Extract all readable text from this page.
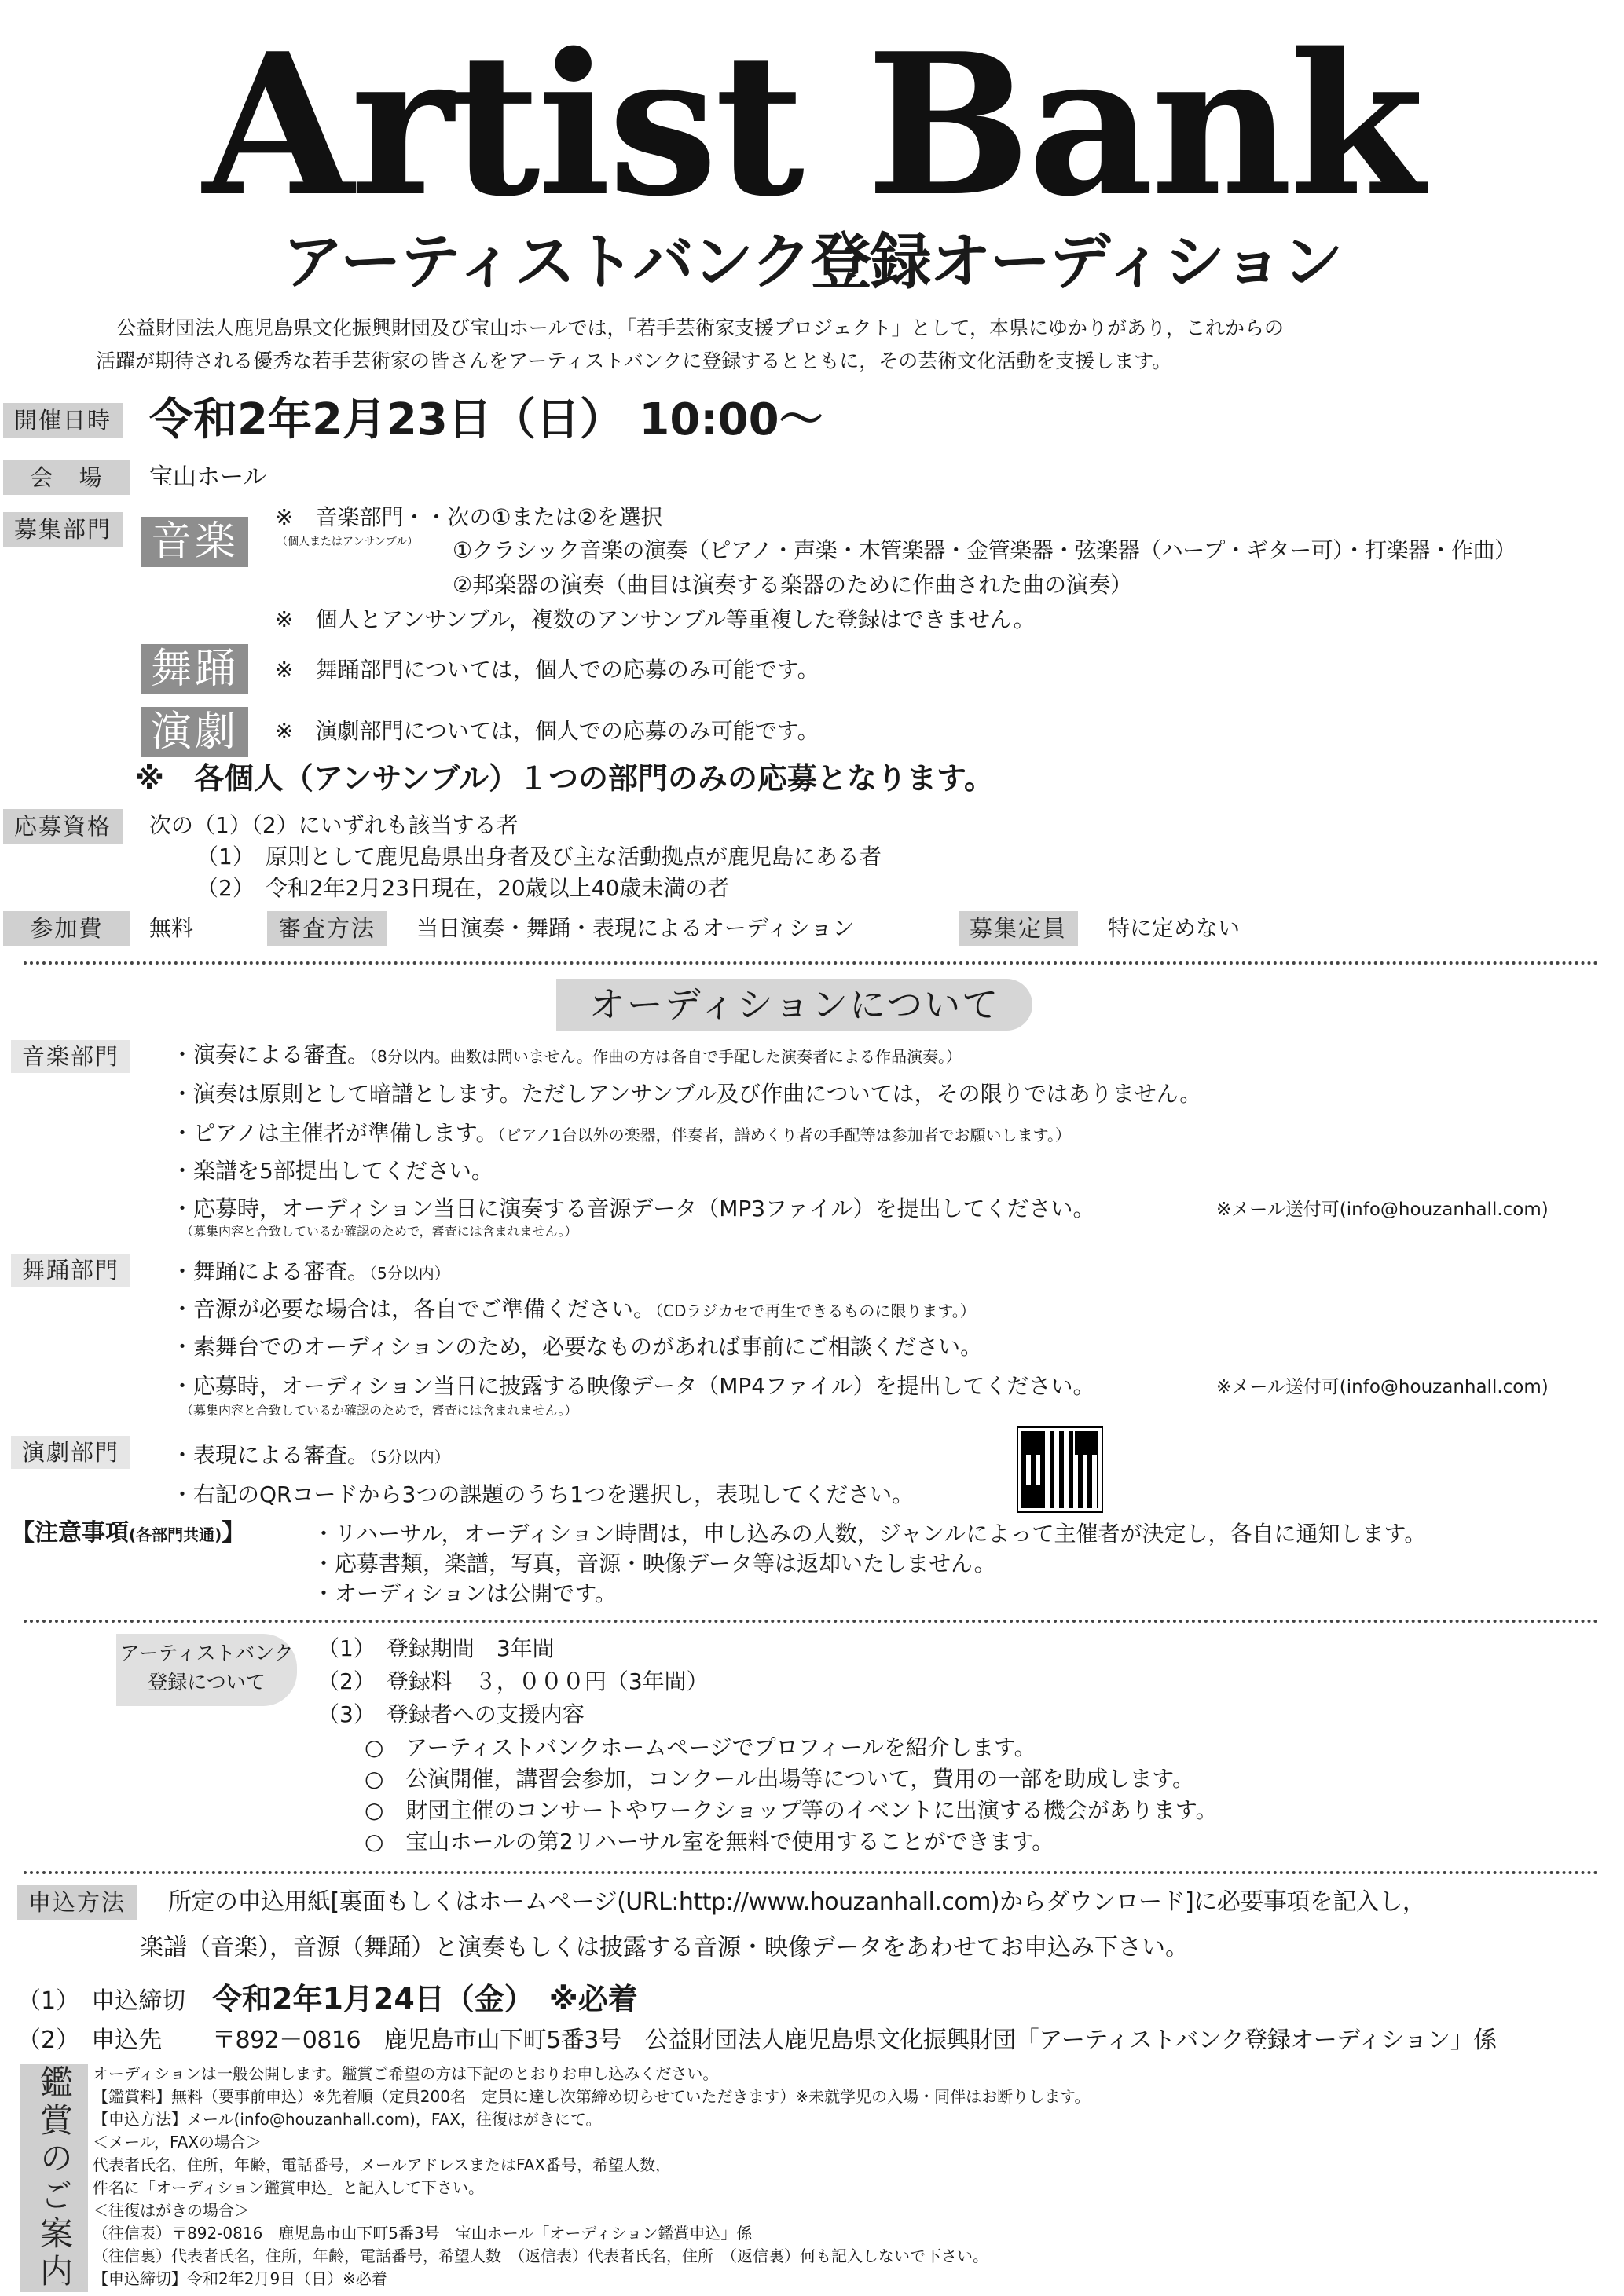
Artist Bank
アーティストバンク登録オーディション
公益財団法人鹿児島県文化振興財団及び宝山ホールでは，「若手芸術家支援プロジェクト」として，本県にゆかりがあり，これからの
活躍が期待される優秀な若手芸術家の皆さんをアーティストバンクに登録するとともに，その芸術文化活動を支援します。
開催日時 令和2年2月23日（日） 10:00～
会　場	宝山ホール
募集部門 音楽
※　音楽部門・・次の①または②を選択
（個人またはアンサンブル） ①クラシック音楽の演奏（ピアノ・声楽・木管楽器・金管楽器・弦楽器（ハープ・ギター可）・打楽器・作曲）
②邦楽器の演奏（曲目は演奏する楽器のために作曲された曲の演奏）
※　個人とアンサンブル，複数のアンサンブル等重複した登録はできません。
舞踊	※　舞踊部門については，個人での応募のみ可能です。
演劇	※　演劇部門については，個人での応募のみ可能です。
※　各個人（アンサンブル）１つの部門のみの応募となります。
応募資格	次の（1）（2）にいずれも該当する者
（1）　原則として鹿児島県出身者及び主な活動拠点が鹿児島にある者
（2）　令和2年2月23日現在，20歳以上40歳未満の者
参加費	無料	審査方法	当日演奏・舞踊・表現によるオーディション	募集定員	特に定めない
オーディションについて
音楽部門	・演奏による審査。（8分以内。曲数は問いません。作曲の方は各自で手配した演奏者による作品演奏。）
・演奏は原則として暗譜とします。ただしアンサンブル及び作曲については，その限りではありません。
・ピアノは主催者が準備します。（ピアノ1台以外の楽器，伴奏者，譜めくり者の手配等は参加者でお願いします。）
・楽譜を5部提出してください。
・応募時，オーディション当日に演奏する音源データ（MP3ファイル）を提出してください。	※メール送付可(info@houzanhall.com)
（募集内容と合致しているか確認のためで，審査には含まれません。）
舞踊部門	・舞踊による審査。（5分以内）
・音源が必要な場合は，各自でご準備ください。（CDラジカセで再生できるものに限ります。）
・素舞台でのオーディションのため，必要なものがあれば事前にご相談ください。
・応募時，オーディション当日に披露する映像データ（MP4ファイル）を提出してください。	※メール送付可(info@houzanhall.com)
（募集内容と合致しているか確認のためで，審査には含まれません。）
演劇部門	・表現による審査。（5分以内）
・右記のQRコードから3つの課題のうち1つを選択し，表現してください。
【注意事項(各部門共通)】	・リハーサル，オーディション時間は，申し込みの人数，ジャンルによって主催者が決定し，各自に通知します。
・応募書類，楽譜，写真，音源・映像データ等は返却いたしません。
・オーディションは公開です。
アーティストバンク
登録について
（1）　登録期間　3年間
（2）　登録料　３，０００円（3年間）
（3）　登録者への支援内容
○　アーティストバンクホームページでプロフィールを紹介します。
○　公演開催，講習会参加，コンクール出場等について，費用の一部を助成します。
○　財団主催のコンサートやワークショップ等のイベントに出演する機会があります。
○　宝山ホールの第2リハーサル室を無料で使用することができます。
申込方法	所定の申込用紙[裏面もしくはホームページ(URL:http://www.houzanhall.com)からダウンロード]に必要事項を記入し，
楽譜（音楽），音源（舞踊）と演奏もしくは披露する音源・映像データをあわせてお申込み下さい。
（1）　申込締切 令和2年1月24日（金）　※必着
（2）　申込先 〒892－0816　鹿児島市山下町5番3号　公益財団法人鹿児島県文化振興財団「アーティストバンク登録オーディション」係
鑑賞のご案内	オーディションは一般公開します。鑑賞ご希望の方は下記のとおりお申し込みください。
【鑑賞料】無料（要事前申込）※先着順（定員200名　定員に達し次第締め切らせていただきます）※未就学児の入場・同伴はお断りします。
【申込方法】メール(info@houzanhall.com)，FAX，往復はがきにて。
＜メール，FAXの場合＞
代表者氏名，住所，年齢，電話番号，メールアドレスまたはFAX番号，希望人数，
件名に「オーディション鑑賞申込」と記入して下さい。
＜往復はがきの場合＞
（往信表）〒892-0816　鹿児島市山下町5番3号　宝山ホール「オーディション鑑賞申込」係
（往信裏）代表者氏名，住所，年齢，電話番号，希望人数　（返信表）代表者氏名，住所　（返信裏）何も記入しないで下さい。
【申込締切】令和2年2月9日（日）※必着
